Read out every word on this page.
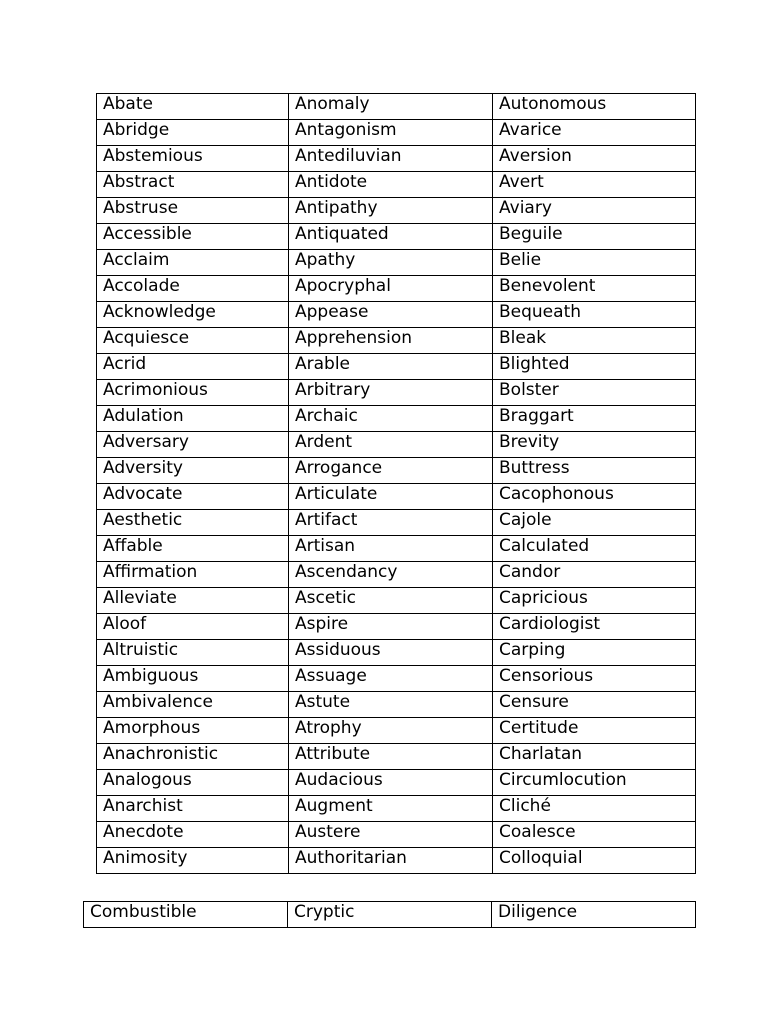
Abate	Anomaly	Autonomous
Abridge	Antagonism	Avarice
Abstemious	Antediluvian	Aversion
Abstract	Antidote	Avert
Abstruse	Antipathy	Aviary
Accessible	Antiquated	Beguile
Acclaim	Apathy	Belie
Accolade	Apocryphal	Benevolent
Acknowledge	Appease	Bequeath
Acquiesce	Apprehension	Bleak
Acrid	Arable	Blighted
Acrimonious	Arbitrary	Bolster
Adulation	Archaic	Braggart
Adversary	Ardent	Brevity
Adversity	Arrogance	Buttress
Advocate	Articulate	Cacophonous
Aesthetic	Artifact	Cajole
Affable	Artisan	Calculated
Affirmation	Ascendancy	Candor
Alleviate	Ascetic	Capricious
Aloof	Aspire	Cardiologist
Altruistic	Assiduous	Carping
Ambiguous	Assuage	Censorious
Ambivalence	Astute	Censure
Amorphous	Atrophy	Certitude
Anachronistic	Attribute	Charlatan
Analogous	Audacious	Circumlocution
Anarchist	Augment	Cliché
Anecdote	Austere	Coalesce
Animosity	Authoritarian	Colloquial
Combustible	Cryptic	Diligence
